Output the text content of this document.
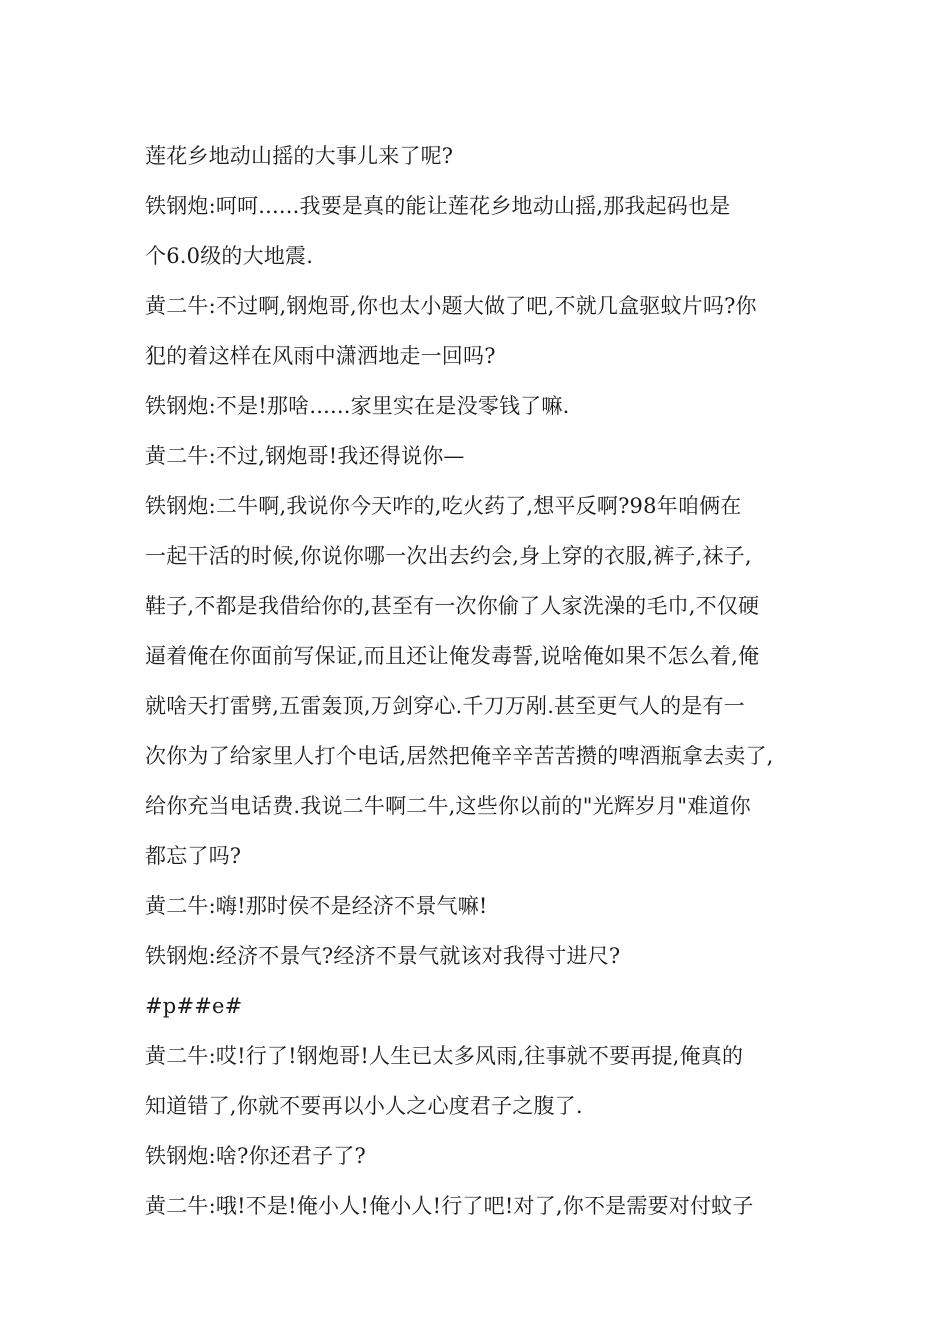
莲花乡地动山摇的大事儿来了呢?
铁钢炮:呵呵......我要是真的能让莲花乡地动山摇,那我起码也是
个6.0级的大地震.
黄二牛:不过啊,钢炮哥,你也太小题大做了吧,不就几盒驱蚊片吗?你
犯的着这样在风雨中潇洒地走一回吗?
铁钢炮:不是!那啥......家里实在是没零钱了嘛.
黄二牛:不过,钢炮哥!我还得说你—
铁钢炮:二牛啊,我说你今天咋的,吃火药了,想平反啊?98年咱俩在
一起干活的时候,你说你哪一次出去约会,身上穿的衣服,裤子,袜子,
鞋子,不都是我借给你的,甚至有一次你偷了人家洗澡的毛巾,不仅硬
逼着俺在你面前写保证,而且还让俺发毒誓,说啥俺如果不怎么着,俺
就啥天打雷劈,五雷轰顶,万剑穿心.千刀万剐.甚至更气人的是有一
次你为了给家里人打个电话,居然把俺辛辛苦苦攒的啤酒瓶拿去卖了,
给你充当电话费.我说二牛啊二牛,这些你以前的"光辉岁月"难道你
都忘了吗?
黄二牛:嗨!那时侯不是经济不景气嘛!
铁钢炮:经济不景气?经济不景气就该对我得寸进尺?
#p##e#
黄二牛:哎!行了!钢炮哥!人生已太多风雨,往事就不要再提,俺真的
知道错了,你就不要再以小人之心度君子之腹了.
铁钢炮:啥?你还君子了?
黄二牛:哦!不是!俺小人!俺小人!行了吧!对了,你不是需要对付蚊子
